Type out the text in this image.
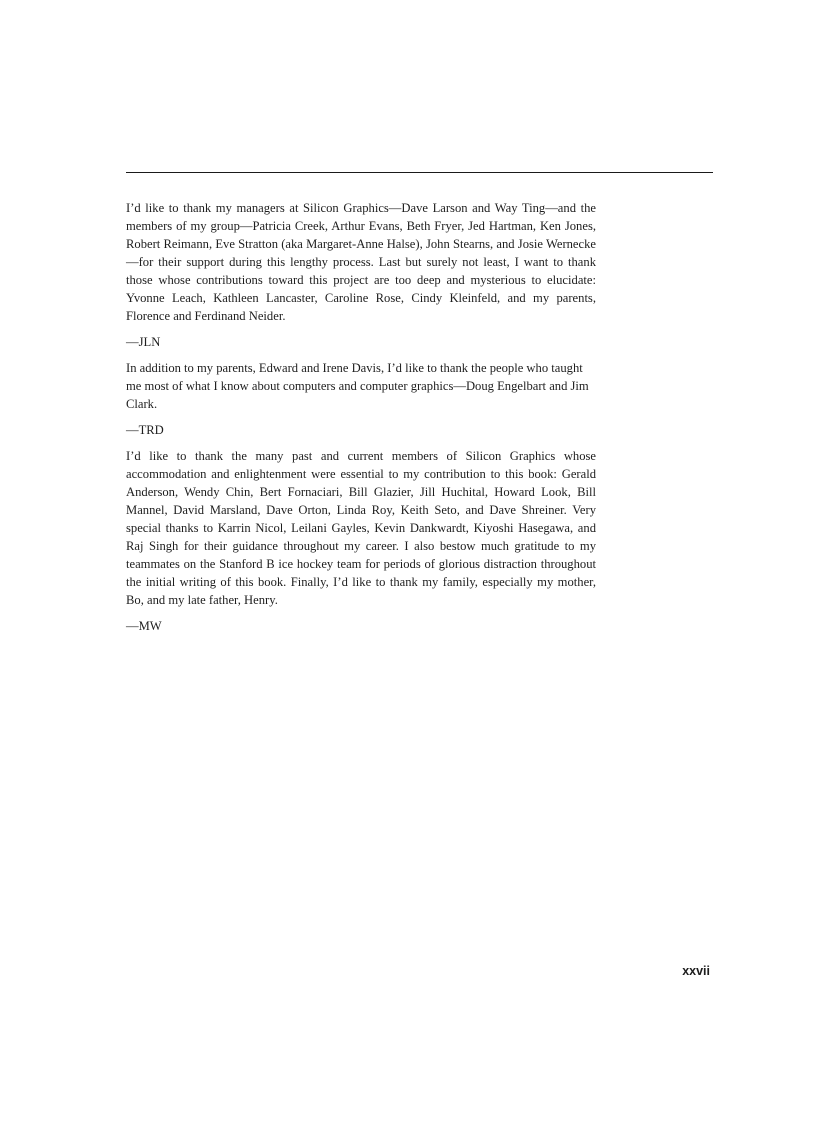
I’d like to thank my managers at Silicon Graphics—Dave Larson and Way Ting—and the members of my group—Patricia Creek, Arthur Evans, Beth Fryer, Jed Hartman, Ken Jones, Robert Reimann, Eve Stratton (aka Margaret-Anne Halse), John Stearns, and Josie Wernecke—for their support during this lengthy process. Last but surely not least, I want to thank those whose contributions toward this project are too deep and mysterious to elucidate: Yvonne Leach, Kathleen Lancaster, Caroline Rose, Cindy Kleinfeld, and my parents, Florence and Ferdinand Neider.

—JLN

In addition to my parents, Edward and Irene Davis, I’d like to thank the people who taught me most of what I know about computers and computer graphics—Doug Engelbart and Jim Clark.

—TRD

I’d like to thank the many past and current members of Silicon Graphics whose accommodation and enlightenment were essential to my contribution to this book: Gerald Anderson, Wendy Chin, Bert Fornaciari, Bill Glazier, Jill Huchital, Howard Look, Bill Mannel, David Marsland, Dave Orton, Linda Roy, Keith Seto, and Dave Shreiner. Very special thanks to Karrin Nicol, Leilani Gayles, Kevin Dankwardt, Kiyoshi Hasegawa, and Raj Singh for their guidance throughout my career. I also bestow much gratitude to my teammates on the Stanford B ice hockey team for periods of glorious distraction throughout the initial writing of this book. Finally, I’d like to thank my family, especially my mother, Bo, and my late father, Henry.

—MW

xxvii
